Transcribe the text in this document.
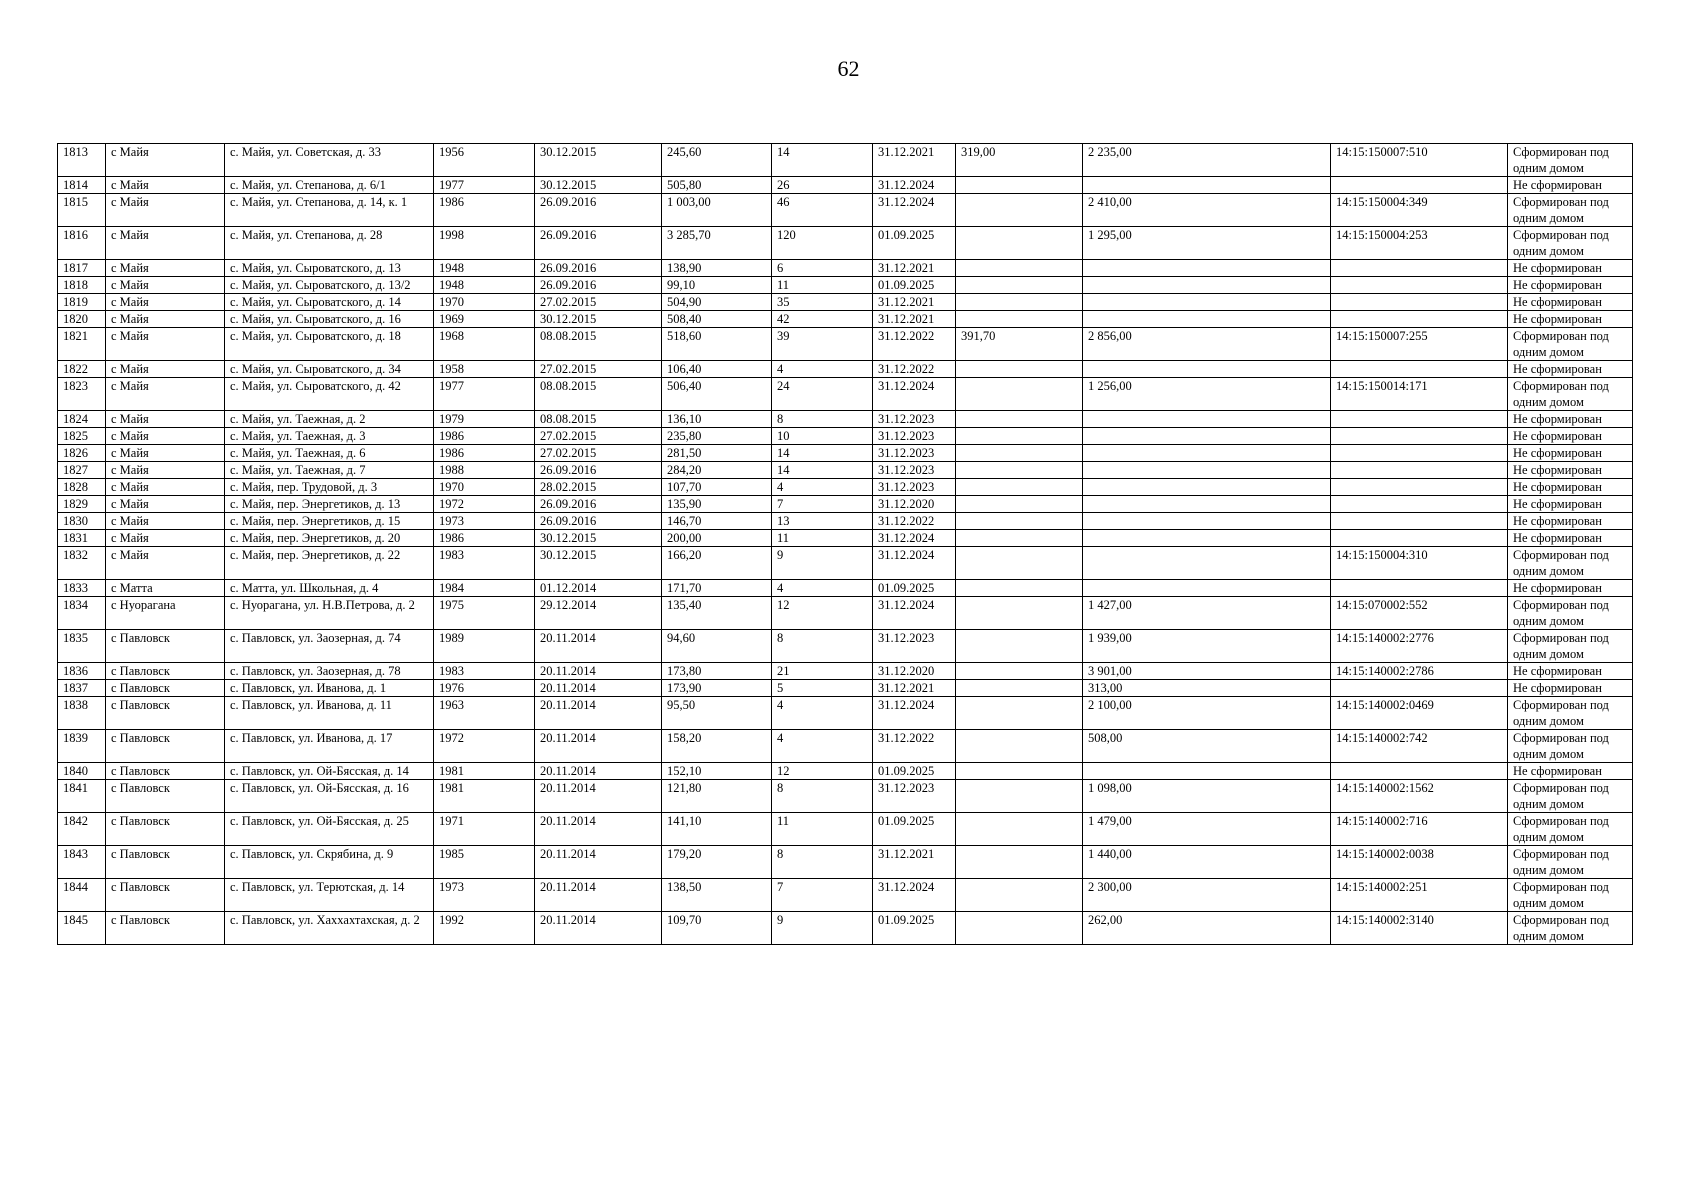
62
1813	с Майя	с. Майя, ул. Советская, д. 33	1956	30.12.2015	245,60	14	31.12.2021	319,00	2 235,00	14:15:150007:510	Сформирован под одним домом
1814	с Майя	с. Майя, ул. Степанова, д. 6/1	1977	30.12.2015	505,80	26	31.12.2024				Не сформирован
1815	с Майя	с. Майя, ул. Степанова, д. 14, к. 1	1986	26.09.2016	1 003,00	46	31.12.2024		2 410,00	14:15:150004:349	Сформирован под одним домом
1816	с Майя	с. Майя, ул. Степанова, д. 28	1998	26.09.2016	3 285,70	120	01.09.2025		1 295,00	14:15:150004:253	Сформирован под одним домом
1817	с Майя	с. Майя, ул. Сыроватского, д. 13	1948	26.09.2016	138,90	6	31.12.2021				Не сформирован
1818	с Майя	с. Майя, ул. Сыроватского, д. 13/2	1948	26.09.2016	99,10	11	01.09.2025				Не сформирован
1819	с Майя	с. Майя, ул. Сыроватского, д. 14	1970	27.02.2015	504,90	35	31.12.2021				Не сформирован
1820	с Майя	с. Майя, ул. Сыроватского, д. 16	1969	30.12.2015	508,40	42	31.12.2021				Не сформирован
1821	с Майя	с. Майя, ул. Сыроватского, д. 18	1968	08.08.2015	518,60	39	31.12.2022	391,70	2 856,00	14:15:150007:255	Сформирован под одним домом
1822	с Майя	с. Майя, ул. Сыроватского, д. 34	1958	27.02.2015	106,40	4	31.12.2022				Не сформирован
1823	с Майя	с. Майя, ул. Сыроватского, д. 42	1977	08.08.2015	506,40	24	31.12.2024		1 256,00	14:15:150014:171	Сформирован под одним домом
1824	с Майя	с. Майя, ул. Таежная, д. 2	1979	08.08.2015	136,10	8	31.12.2023				Не сформирован
1825	с Майя	с. Майя, ул. Таежная, д. 3	1986	27.02.2015	235,80	10	31.12.2023				Не сформирован
1826	с Майя	с. Майя, ул. Таежная, д. 6	1986	27.02.2015	281,50	14	31.12.2023				Не сформирован
1827	с Майя	с. Майя, ул. Таежная, д. 7	1988	26.09.2016	284,20	14	31.12.2023				Не сформирован
1828	с Майя	с. Майя, пер. Трудовой, д. 3	1970	28.02.2015	107,70	4	31.12.2023				Не сформирован
1829	с Майя	с. Майя, пер. Энергетиков, д. 13	1972	26.09.2016	135,90	7	31.12.2020				Не сформирован
1830	с Майя	с. Майя, пер. Энергетиков, д. 15	1973	26.09.2016	146,70	13	31.12.2022				Не сформирован
1831	с Майя	с. Майя, пер. Энергетиков, д. 20	1986	30.12.2015	200,00	11	31.12.2024				Не сформирован
1832	с Майя	с. Майя, пер. Энергетиков, д. 22	1983	30.12.2015	166,20	9	31.12.2024			14:15:150004:310	Сформирован под одним домом
1833	с Матта	с. Матта, ул. Школьная, д. 4	1984	01.12.2014	171,70	4	01.09.2025				Не сформирован
1834	с Нуорагана	с. Нуорагана, ул. Н.В.Петрова, д. 2	1975	29.12.2014	135,40	12	31.12.2024		1 427,00	14:15:070002:552	Сформирован под одним домом
1835	с Павловск	с. Павловск, ул. Заозерная, д. 74	1989	20.11.2014	94,60	8	31.12.2023		1 939,00	14:15:140002:2776	Сформирован под одним домом
1836	с Павловск	с. Павловск, ул. Заозерная, д. 78	1983	20.11.2014	173,80	21	31.12.2020		3 901,00	14:15:140002:2786	Не сформирован
1837	с Павловск	с. Павловск, ул. Иванова, д. 1	1976	20.11.2014	173,90	5	31.12.2021		313,00		Не сформирован
1838	с Павловск	с. Павловск, ул. Иванова, д. 11	1963	20.11.2014	95,50	4	31.12.2024		2 100,00	14:15:140002:0469	Сформирован под одним домом
1839	с Павловск	с. Павловск, ул. Иванова, д. 17	1972	20.11.2014	158,20	4	31.12.2022		508,00	14:15:140002:742	Сформирован под одним домом
1840	с Павловск	с. Павловск, ул. Ой-Бясская, д. 14	1981	20.11.2014	152,10	12	01.09.2025				Не сформирован
1841	с Павловск	с. Павловск, ул. Ой-Бясская, д. 16	1981	20.11.2014	121,80	8	31.12.2023		1 098,00	14:15:140002:1562	Сформирован под одним домом
1842	с Павловск	с. Павловск, ул. Ой-Бясская, д. 25	1971	20.11.2014	141,10	11	01.09.2025		1 479,00	14:15:140002:716	Сформирован под одним домом
1843	с Павловск	с. Павловск, ул. Скрябина, д. 9	1985	20.11.2014	179,20	8	31.12.2021		1 440,00	14:15:140002:0038	Сформирован под одним домом
1844	с Павловск	с. Павловск, ул. Терютская, д. 14	1973	20.11.2014	138,50	7	31.12.2024		2 300,00	14:15:140002:251	Сформирован под одним домом
1845	с Павловск	с. Павловск, ул. Хаххахтахская, д. 2	1992	20.11.2014	109,70	9	01.09.2025		262,00	14:15:140002:3140	Сформирован под одним домом
